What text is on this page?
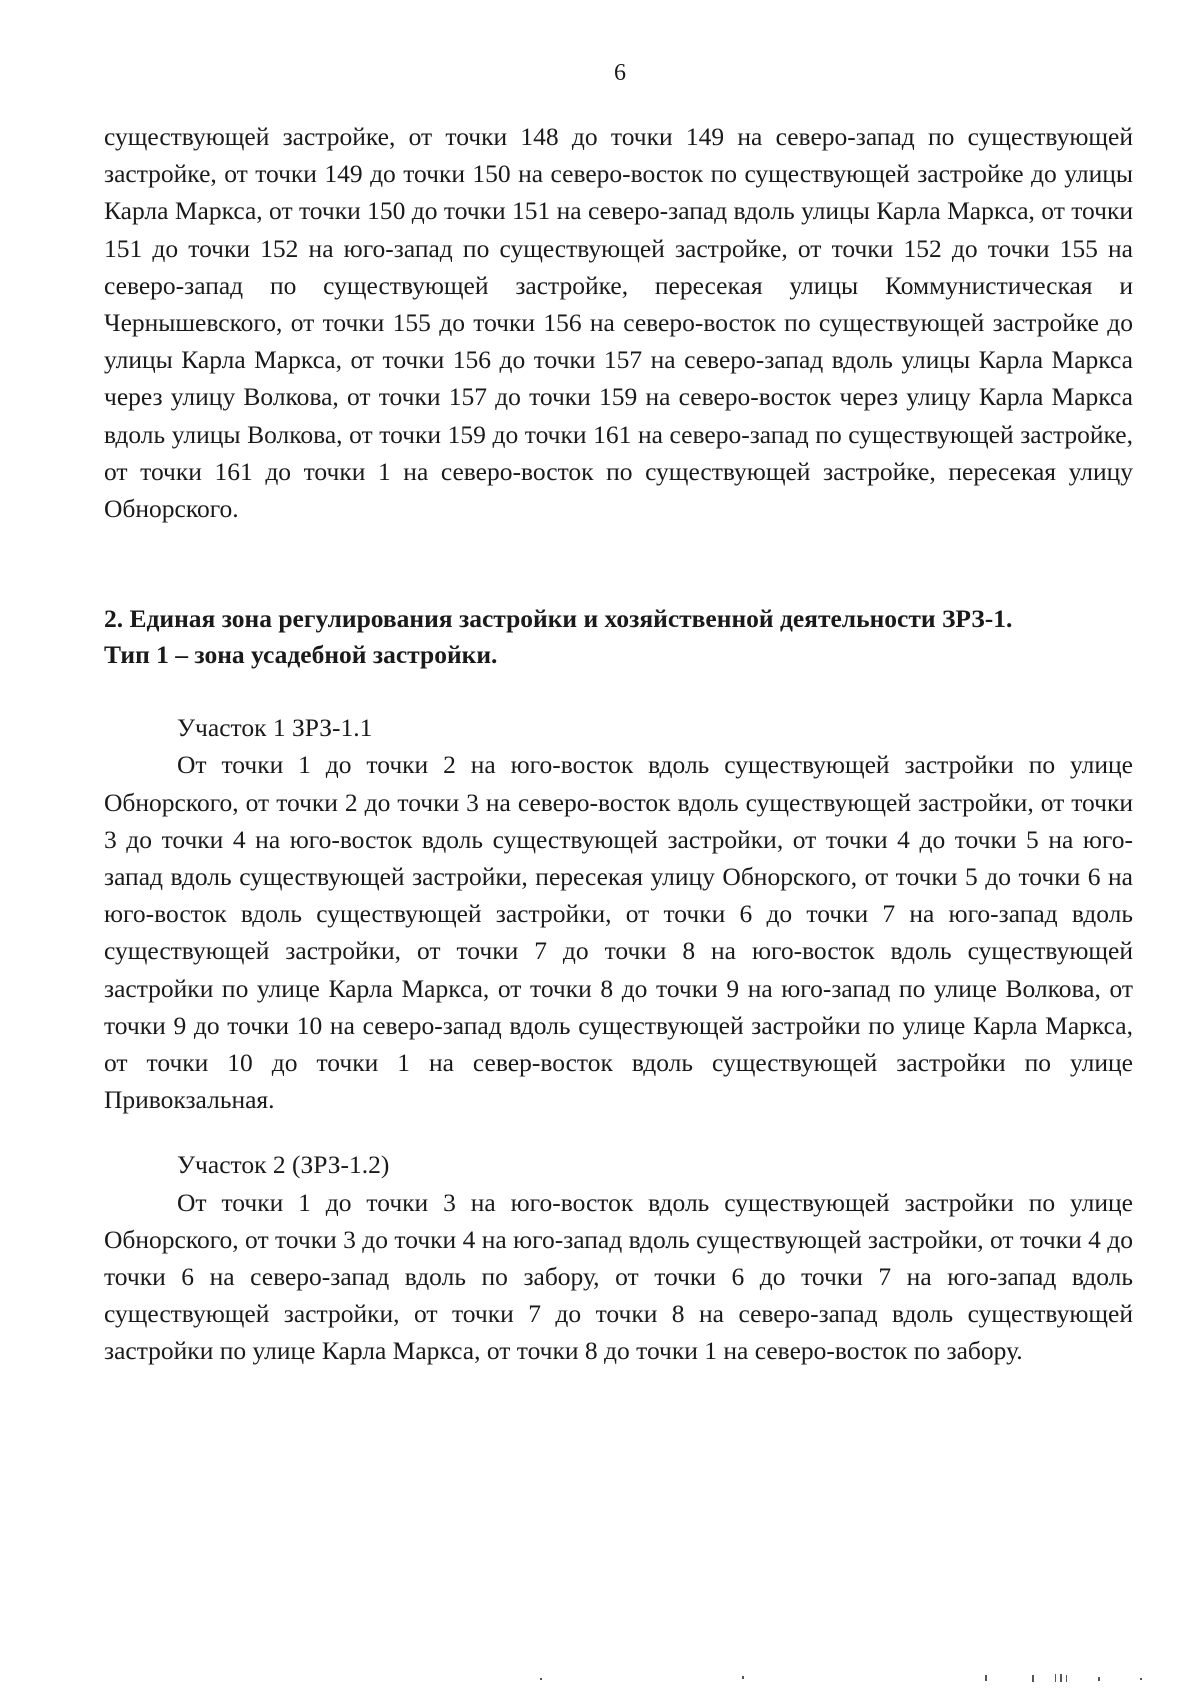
6

существующей застройке, от точки 148 до точки 149 на северо-запад по существующей застройке, от точки 149 до точки 150 на северо-восток по существующей застройке до улицы Карла Маркса, от точки 150 до точки 151 на северо-запад вдоль улицы Карла Маркса, от точки 151 до точки 152 на юго-запад по существующей застройке, от точки 152 до точки 155 на северо-запад по существующей застройке, пересекая улицы Коммунистическая и Чернышевского, от точки 155 до точки 156 на северо-восток по существующей застройке до улицы Карла Маркса, от точки 156 до точки 157 на северо-запад вдоль улицы Карла Маркса через улицу Волкова, от точки 157 до точки 159 на северо-восток через улицу Карла Маркса вдоль улицы Волкова, от точки 159 до точки 161 на северо-запад по существующей застройке, от точки 161 до точки 1 на северо-восток по существующей застройке, пересекая улицу Обнорского.

2. Единая зона регулирования застройки и хозяйственной деятельности ЗРЗ-1.
Тип 1 – зона усадебной застройки.

Участок 1 ЗРЗ-1.1

От точки 1 до точки 2 на юго-восток вдоль существующей застройки по улице Обнорского, от точки 2 до точки 3 на северо-восток вдоль существующей застройки, от точки 3 до точки 4 на юго-восток вдоль существующей застройки, от точки 4 до точки 5 на юго-запад вдоль существующей застройки, пересекая улицу Обнорского, от точки 5 до точки 6 на юго-восток вдоль существующей застройки, от точки 6 до точки 7 на юго-запад вдоль существующей застройки, от точки 7 до точки 8 на юго-восток вдоль существующей застройки по улице Карла Маркса, от точки 8 до точки 9 на юго-запад по улице Волкова, от точки 9 до точки 10 на северо-запад вдоль существующей застройки по улице Карла Маркса, от точки 10 до точки 1 на север-восток вдоль существующей застройки по улице Привокзальная.

Участок 2 (ЗРЗ-1.2)

От точки 1 до точки 3 на юго-восток вдоль существующей застройки по улице Обнорского, от точки 3 до точки 4 на юго-запад вдоль существующей застройки, от точки 4 до точки 6 на северо-запад вдоль по забору, от точки 6 до точки 7 на юго-запад вдоль существующей застройки, от точки 7 до точки 8 на северо-запад вдоль существующей застройки по улице Карла Маркса, от точки 8 до точки 1 на северо-восток по забору.
